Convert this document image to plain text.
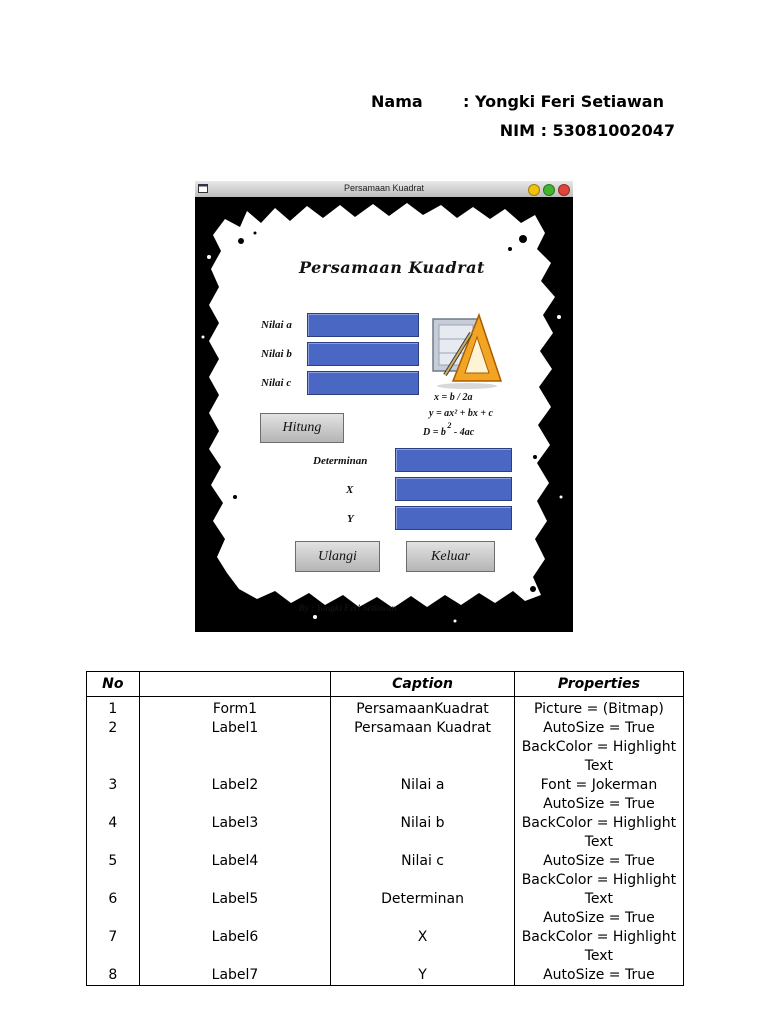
Nama	: Yongki Feri Setiawan
NIM : 53081002047
Persamaan Kuadrat
Persamaan Kuadrat
Nilai a
Nilai b
Nilai c
x = b / 2a
y = ax² + bx + c
D = b $^2$ - 4ac
Hitung
Determinan
X
Y
Ulangi	Keluar
By : Yongki Feri Setiawan
No		Caption	Properties
1	Form1	PersamaanKuadrat	Picture = (Bitmap)

2	Label1	Persamaan Kuadrat	AutoSize = True
BackColor = Highlight
Text

3	Label2	Nilai a	Font = Jokerman
AutoSize = True

4	Label3	Nilai b	BackColor = Highlight
Text

5	Label4	Nilai c	AutoSize = True
BackColor = Highlight

6	Label5	Determinan	Text
AutoSize = True

7	Label6	X	BackColor = Highlight
Text

8	Label7	Y	AutoSize = True
